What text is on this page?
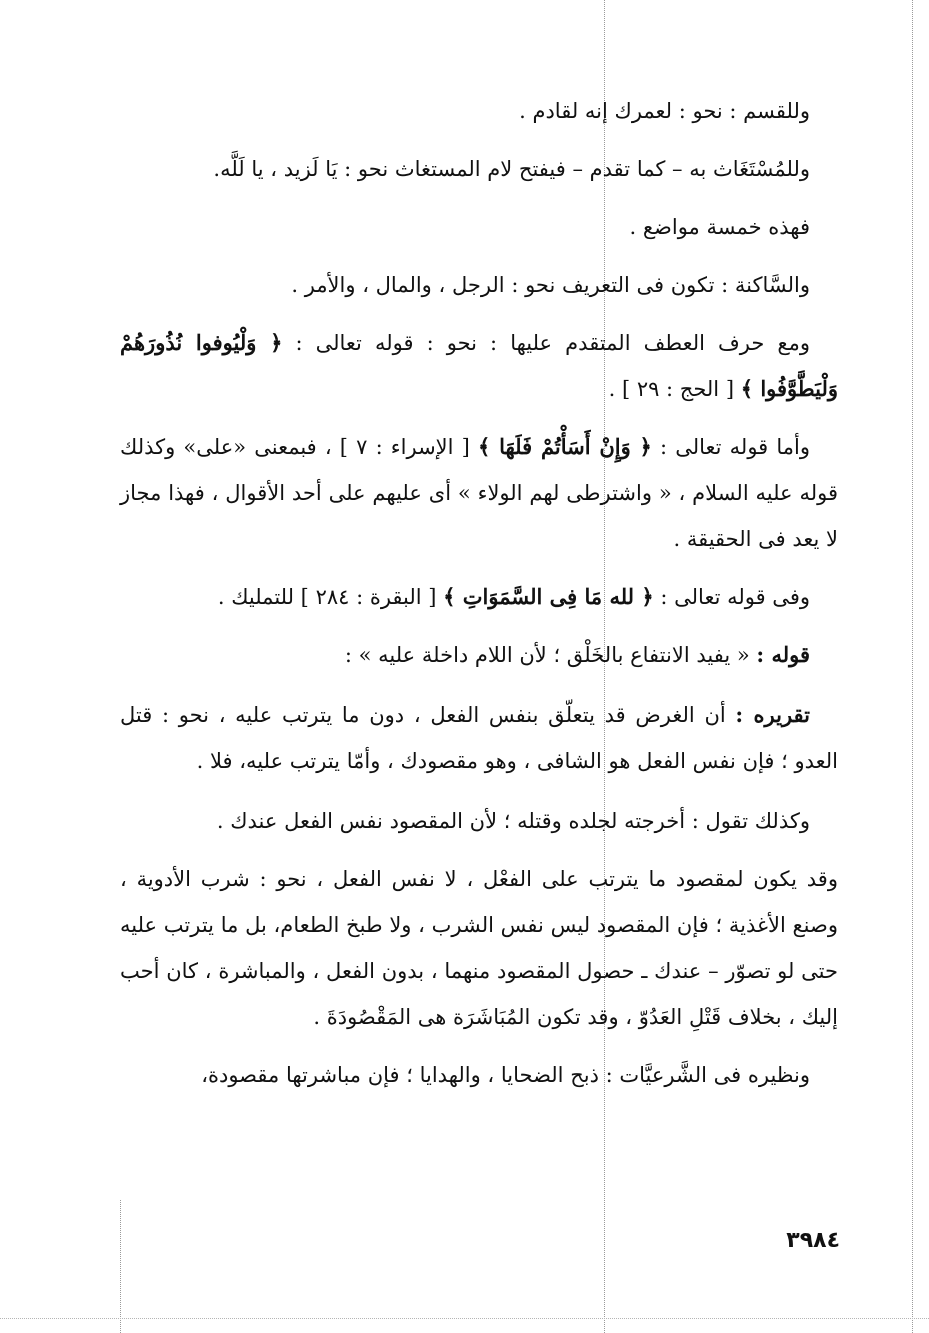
وللقسم : نحو : لعمرك إنه لقادم .

وللمُسْتَغَاث به – كما تقدم – فيفتح لام المستغاث نحو : يَا لَزيد ، يا لَلَّه.

فهذه خمسة مواضع .

والسَّاكنة : تكون فى التعريف نحو : الرجل ، والمال ، والأمر .

ومع حرف العطف المتقدم عليها : نحو : قوله تعالى : ﴿ وَلْيُوفوا نُذُورَهُمْ وَلْيَطَّوَّفُوا ﴾ [ الحج : ٢٩ ] .

وأما قوله تعالى : ﴿ وَإِنْ أَسَأْتُمْ فَلَهَا ﴾ [ الإسراء : ٧ ] ، فبمعنى «على» وكذلك قوله عليه السلام ، « واشترطى لهم الولاء » أى عليهم على أحد الأقوال ، فهذا مجاز لا يعد فى الحقيقة .

وفى قوله تعالى : ﴿ لله مَا فِى السَّمَوَاتِ ﴾ [ البقرة : ٢٨٤ ] للتمليك .

قوله : « يفيد الانتفاع بالخَلْق ؛ لأن اللام داخلة عليه » :

تقريره : أن الغرض قد يتعلّق بنفس الفعل ، دون ما يترتب عليه ، نحو : قتل العدو ؛ فإن نفس الفعل هو الشافى ، وهو مقصودك ، وأمّا يترتب عليه، فلا .

وكذلك تقول : أخرجته لجلده وقتله ؛ لأن المقصود نفس الفعل عندك .

وقد يكون لمقصود ما يترتب على الفعْل ، لا نفس الفعل ، نحو : شرب الأدوية ، وصنع الأغذية ؛ فإن المقصود ليس نفس الشرب ، ولا طبخ الطعام، بل ما يترتب عليه حتى لو تصوّر – عندك ـ حصول المقصود منهما ، بدون الفعل ، والمباشرة ، كان أحب إليك ، بخلاف قَتْلِ العَدُوّ ، وقد تكون المُبَاشَرَة هى المَقْصُودَةَ .

ونظيره فى الشَّرعيَّات : ذبح الضحايا ، والهدايا ؛ فإن مباشرتها مقصودة،

٣٩٨٤
